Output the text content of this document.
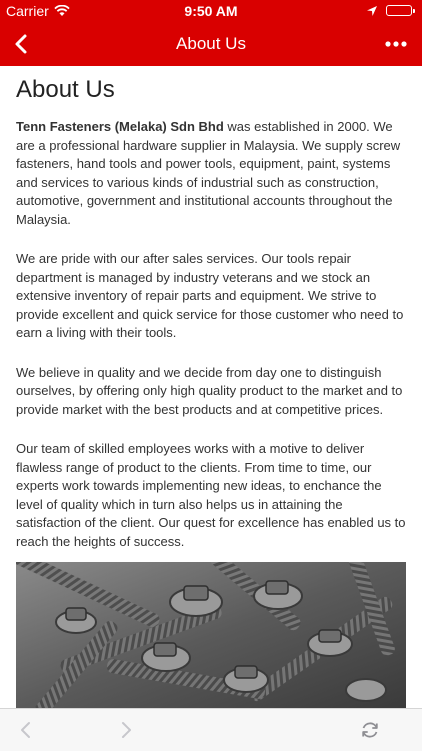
Carrier	9:50 AM
About Us
About Us

Tenn Fasteners (Melaka) Sdn Bhd was established in 2000. We are a professional hardware supplier in Malaysia. We supply screw fasteners, hand tools and power tools, equipment, paint, systems and services to various kinds of industrial such as construction, automotive, government and institutional accounts throughout the Malaysia.

We are pride with our after sales services. Our tools repair department is managed by industry veterans and we stock an extensive inventory of repair parts and equipment. We strive to provide excellent and quick service for those customer who need to earn a living with their tools.

We believe in quality and we decide from day one to distinguish ourselves, by offering only high quality product to the market and to provide market with the best products and at competitive prices.

Our team of skilled employees works with a motive to deliver flawless range of product to the clients. From time to time, our experts work towards implementing new ideas, to enchance the level of quality which in turn also helps us in attaining the satisfaction of the client. Our quest for excellence has enabled us to reach the heights of success.
